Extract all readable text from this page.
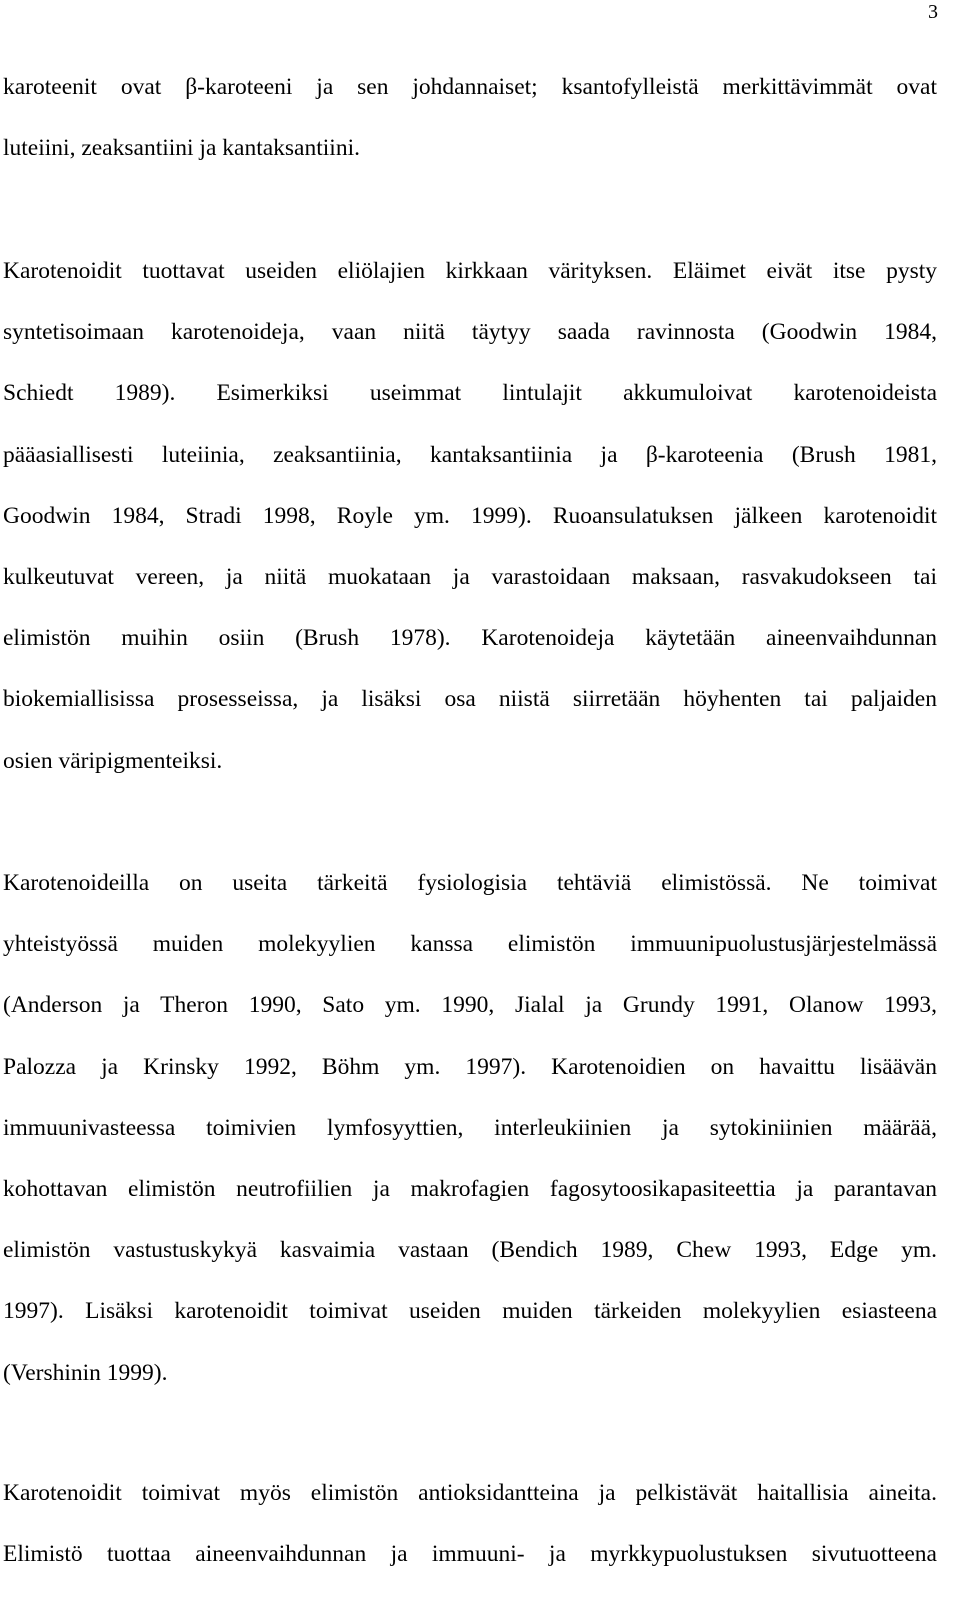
3
karoteenit ovat β-karoteeni ja sen johdannaiset; ksantofylleistä merkittävimmät ovat
luteiini, zeaksantiini ja kantaksantiini.
Karotenoidit tuottavat useiden eliölajien kirkkaan värityksen. Eläimet eivät itse pysty
syntetisoimaan karotenoideja, vaan niitä täytyy saada ravinnosta (Goodwin 1984,
Schiedt 1989). Esimerkiksi useimmat lintulajit akkumuloivat karotenoideista
pääasiallisesti luteiinia, zeaksantiinia, kantaksantiinia ja β-karoteenia (Brush 1981,
Goodwin 1984, Stradi 1998, Royle ym. 1999). Ruoansulatuksen jälkeen karotenoidit
kulkeutuvat vereen, ja niitä muokataan ja varastoidaan maksaan, rasvakudokseen tai
elimistön muihin osiin (Brush 1978). Karotenoideja käytetään aineenvaihdunnan
biokemiallisissa prosesseissa, ja lisäksi osa niistä siirretään höyhenten tai paljaiden
osien väripigmenteiksi.
Karotenoideilla on useita tärkeitä fysiologisia tehtäviä elimistössä. Ne toimivat
yhteistyössä muiden molekyylien kanssa elimistön immuunipuolustusjärjestelmässä
(Anderson ja Theron 1990, Sato ym. 1990, Jialal ja Grundy 1991, Olanow 1993,
Palozza ja Krinsky 1992, Böhm ym. 1997). Karotenoidien on havaittu lisäävän
immuunivasteessa toimivien lymfosyyttien, interleukiinien ja sytokiniinien määrää,
kohottavan elimistön neutrofiilien ja makrofagien fagosytoosikapasiteettia ja parantavan
elimistön vastustuskykyä kasvaimia vastaan (Bendich 1989, Chew 1993, Edge ym.
1997). Lisäksi karotenoidit toimivat useiden muiden tärkeiden molekyylien esiasteena
(Vershinin 1999).
Karotenoidit toimivat myös elimistön antioksidantteina ja pelkistävät haitallisia aineita.
Elimistö tuottaa aineenvaihdunnan ja immuuni- ja myrkkypuolustuksen sivutuotteena
